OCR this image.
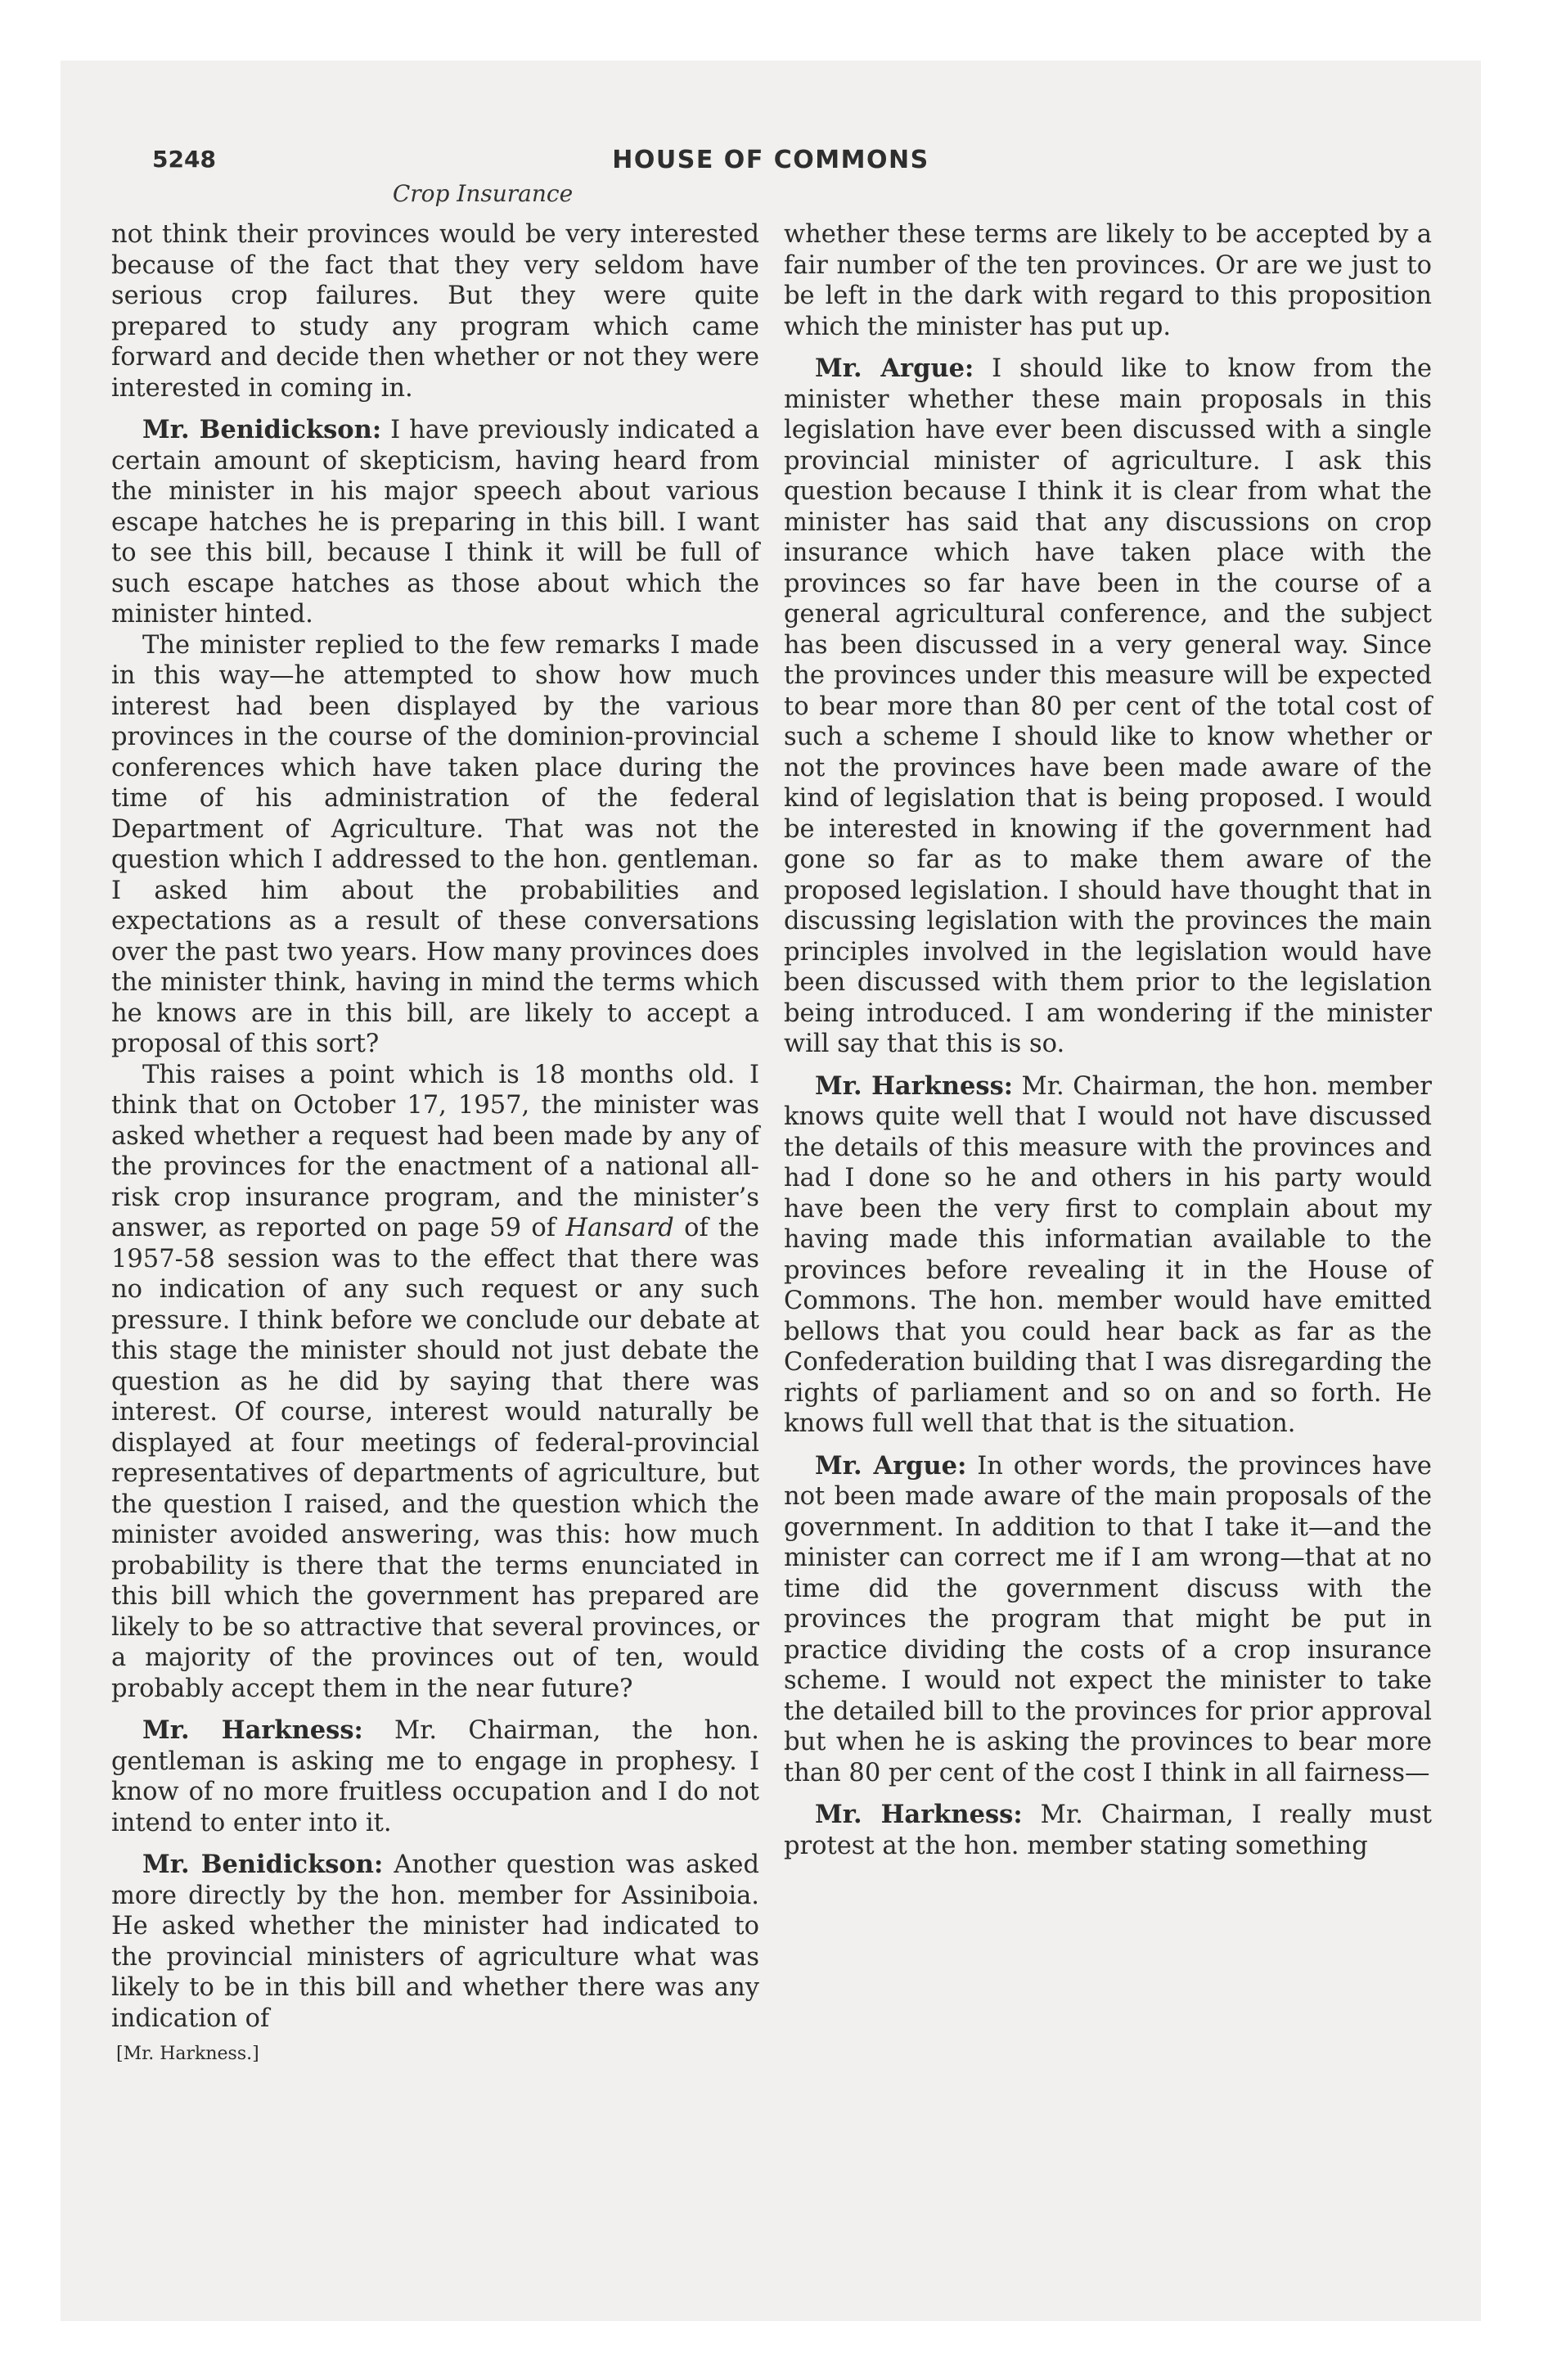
5248	HOUSE OF COMMONS
Crop Insurance

not think their provinces would be very interested because of the fact that they very seldom have serious crop failures. But they were quite prepared to study any program which came forward and decide then whether or not they were interested in coming in.

Mr. Benidickson: I have previously indicated a certain amount of skepticism, having heard from the minister in his major speech about various escape hatches he is preparing in this bill. I want to see this bill, because I think it will be full of such escape hatches as those about which the minister hinted.

The minister replied to the few remarks I made in this way—he attempted to show how much interest had been displayed by the various provinces in the course of the dominion-provincial conferences which have taken place during the time of his administration of the federal Department of Agriculture. That was not the question which I addressed to the hon. gentleman. I asked him about the probabilities and expectations as a result of these conversations over the past two years. How many provinces does the minister think, having in mind the terms which he knows are in this bill, are likely to accept a proposal of this sort?

This raises a point which is 18 months old. I think that on October 17, 1957, the minister was asked whether a request had been made by any of the provinces for the enactment of a national all-risk crop insurance program, and the minister’s answer, as reported on page 59 of Hansard of the 1957-58 session was to the effect that there was no indication of any such request or any such pressure. I think before we conclude our debate at this stage the minister should not just debate the question as he did by saying that there was interest. Of course, interest would naturally be displayed at four meetings of federal-provincial representatives of departments of agriculture, but the question I raised, and the question which the minister avoided answering, was this: how much probability is there that the terms enunciated in this bill which the government has prepared are likely to be so attractive that several provinces, or a majority of the provinces out of ten, would probably accept them in the near future?

Mr. Harkness: Mr. Chairman, the hon. gentleman is asking me to engage in prophesy. I know of no more fruitless occupation and I do not intend to enter into it.

Mr. Benidickson: Another question was asked more directly by the hon. member for Assiniboia. He asked whether the minister had indicated to the provincial ministers of agriculture what was likely to be in this bill and whether there was any indication of

[Mr. Harkness.]

whether these terms are likely to be accepted by a fair number of the ten provinces. Or are we just to be left in the dark with regard to this proposition which the minister has put up.

Mr. Argue: I should like to know from the minister whether these main proposals in this legislation have ever been discussed with a single provincial minister of agriculture. I ask this question because I think it is clear from what the minister has said that any discussions on crop insurance which have taken place with the provinces so far have been in the course of a general agricultural conference, and the subject has been discussed in a very general way. Since the provinces under this measure will be expected to bear more than 80 per cent of the total cost of such a scheme I should like to know whether or not the provinces have been made aware of the kind of legislation that is being proposed. I would be interested in knowing if the government had gone so far as to make them aware of the proposed legislation. I should have thought that in discussing legislation with the provinces the main principles involved in the legislation would have been discussed with them prior to the legislation being introduced. I am wondering if the minister will say that this is so.

Mr. Harkness: Mr. Chairman, the hon. member knows quite well that I would not have discussed the details of this measure with the provinces and had I done so he and others in his party would have been the very first to complain about my having made this informatian available to the provinces before revealing it in the House of Commons. The hon. member would have emitted bellows that you could hear back as far as the Confederation building that I was disregarding the rights of parliament and so on and so forth. He knows full well that that is the situation.

Mr. Argue: In other words, the provinces have not been made aware of the main proposals of the government. In addition to that I take it—and the minister can correct me if I am wrong—that at no time did the government discuss with the provinces the program that might be put in practice dividing the costs of a crop insurance scheme. I would not expect the minister to take the detailed bill to the provinces for prior approval but when he is asking the provinces to bear more than 80 per cent of the cost I think in all fairness—

Mr. Harkness: Mr. Chairman, I really must protest at the hon. member stating something
